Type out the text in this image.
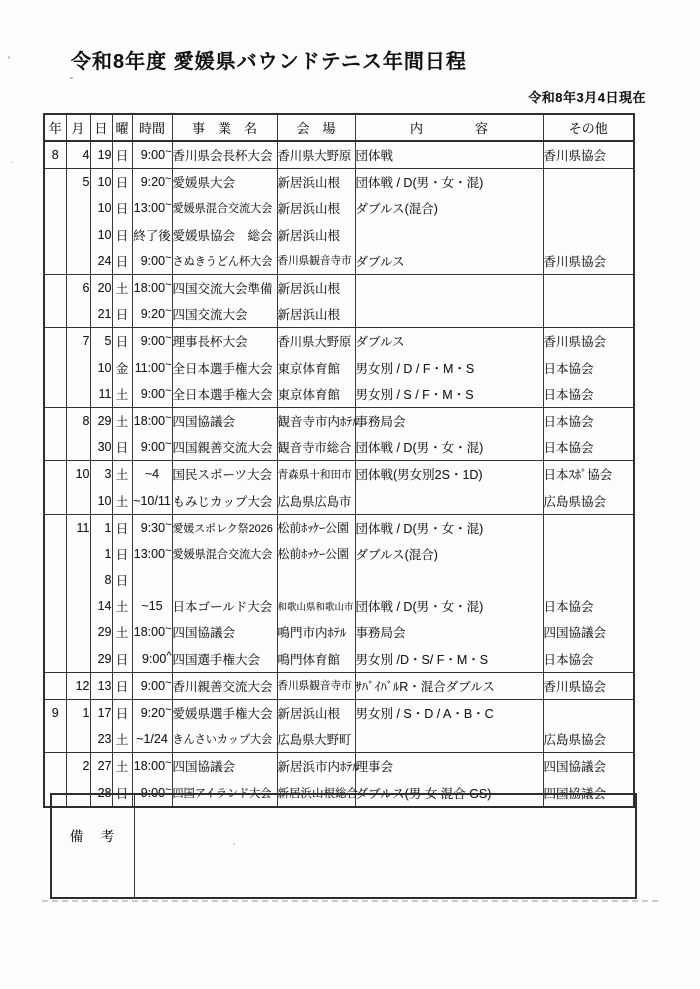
令和8年度 愛媛県バウンドテニス年間日程
令和8年3月4日現在
年	月	日	曜	時間	事　業　名	会　場	内　　　　容	その他
8	4	19	日	9:00~	香川県会長杯大会	香川県大野原	団体戦	香川県協会
	5	10	日	9:20~	愛媛県大会	新居浜山根	団体戦 / D(男・女・混)	
		10	日	13:00~	愛媛県混合交流大会	新居浜山根	ダブルス(混合)	
		10	日	終了後	愛媛県協会　総会	新居浜山根		
		24	日	9:00~	さぬきうどん杯大会	香川県観音寺市	ダブルス	香川県協会
	6	20	土	18:00~	四国交流大会準備	新居浜山根		
		21	日	9:20~	四国交流大会	新居浜山根		
	7	5	日	9:00~	理事長杯大会	香川県大野原	ダブルス	香川県協会
		10	金	11:00~	全日本選手権大会	東京体育館	男女別 / D / F・M・S	日本協会
		11	土	9:00~	全日本選手権大会	東京体育館	男女別 / S / F・M・S	日本協会
	8	29	土	18:00~	四国協議会	観音寺市内ﾎﾃﾙ	事務局会	日本協会
		30	日	9:00~	四国親善交流大会	観音寺市総合	団体戦 / D(男・女・混)	日本協会
	10	3	土	~4	国民スポーツ大会	青森県十和田市	団体戦(男女別2S・1D)	日本ｽﾎﾟ協会
		10	土	~10/11	もみじカップ大会	広島県広島市		広島県協会
	11	1	日	9:30~	愛媛スポレク祭2026	松前ﾎｯｹｰ公園	団体戦 / D(男・女・混)	
		1	日	13:00~	愛媛県混合交流大会	松前ﾎｯｹｰ公園	ダブルス(混合)	
		8	日					
		14	土	~15	日本ゴールド大会	和歌山県和歌山市	団体戦 / D(男・女・混)	日本協会
		29	土	18:00~	四国協議会	鳴門市内ﾎﾃﾙ	事務局会	四国協議会
		29	日	9:00^	四国選手権大会	鳴門体育館	男女別 /D・S/ F・M・S	日本協会
	12	13	日	9:00~	香川親善交流大会	香川県観音寺市	ｻﾊﾞｲﾊﾞﾙR・混合ダブルス	香川県協会
9	1	17	日	9:20~	愛媛県選手権大会	新居浜山根	男女別 / S・D / A・B・C	
		23	土	~1/24	きんさいカップ大会	広島県大野町		広島県協会
	2	27	土	18:00~	四国協議会	新居浜市内ﾎﾃﾙ	理事会	四国協議会
		28	日	9:00~	四国アイランド大会	新居浜山根総合	ダブルス(男 女 混合 GS)	四国協議会
備　考
